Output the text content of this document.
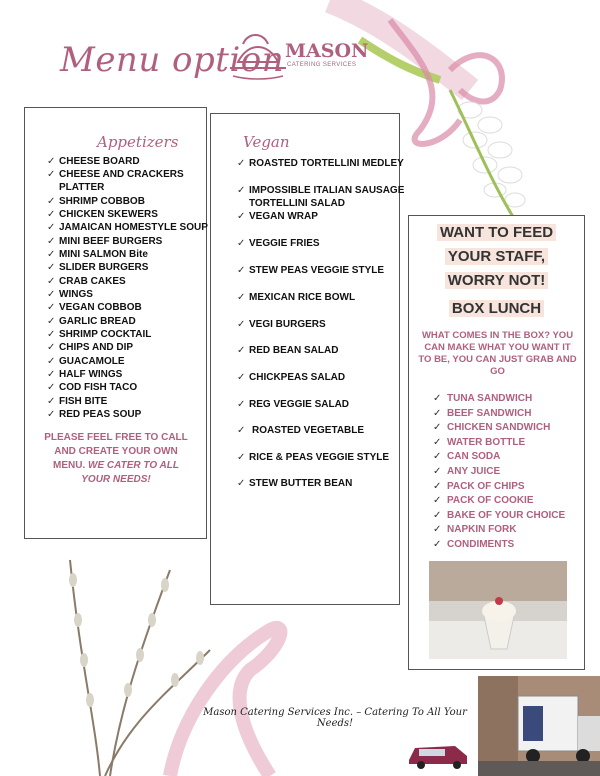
Menu option MASON
CATERING SERVICES
Appetizers
✓ CHEESE BOARD
✓ CHEESE AND CRACKERS
PLATTER
✓ SHRIMP COBBOB
✓ CHICKEN SKEWERS
✓ JAMAICAN HOMESTYLE SOUP
✓ MINI BEEF BURGERS
✓ MINI SALMON Bite
✓ SLIDER BURGERS
✓ CRAB CAKES
✓ WINGS
✓ VEGAN COBBOB
✓ GARLIC BREAD
✓ SHRIMP COCKTAIL
✓ CHIPS AND DIP
✓ GUACAMOLE
✓ HALF WINGS
✓ COD FISH TACO
✓ FISH BITE
✓ RED PEAS SOUP
PLEASE FEEL FREE TO CALL
AND CREATE YOUR OWN
MENU. WE CATER TO ALL
YOUR NEEDS!
Vegan
✓ ROASTED TORTELLINI MEDLEY
✓ IMPOSSIBLE ITALIAN SAUSAGE
TORTELLINI SALAD
✓ VEGAN WRAP
✓ VEGGIE FRIES
✓ STEW PEAS VEGGIE STYLE
✓ MEXICAN RICE BOWL
✓ VEGI BURGERS
✓ RED BEAN SALAD
✓ CHICKPEAS SALAD
✓ REG VEGGIE SALAD
✓ ROASTED VEGETABLE
✓ RICE & PEAS VEGGIE STYLE
✓ STEW BUTTER BEAN
WANT TO FEED
YOUR STAFF,
WORRY NOT!
BOX LUNCH
WHAT COMES IN THE BOX? YOU CAN MAKE WHAT YOU WANT IT TO BE, YOU CAN JUST GRAB AND GO
✓ TUNA SANDWICH
✓ BEEF SANDWICH
✓ CHICKEN SANDWICH
✓ WATER BOTTLE
✓ CAN SODA
✓ ANY JUICE
✓ PACK OF CHIPS
✓ PACK OF COOKIE
✓ BAKE OF YOUR CHOICE
✓ NAPKIN FORK
✓ CONDIMENTS
Mason Catering Services Inc. – Catering To All Your Needs!
